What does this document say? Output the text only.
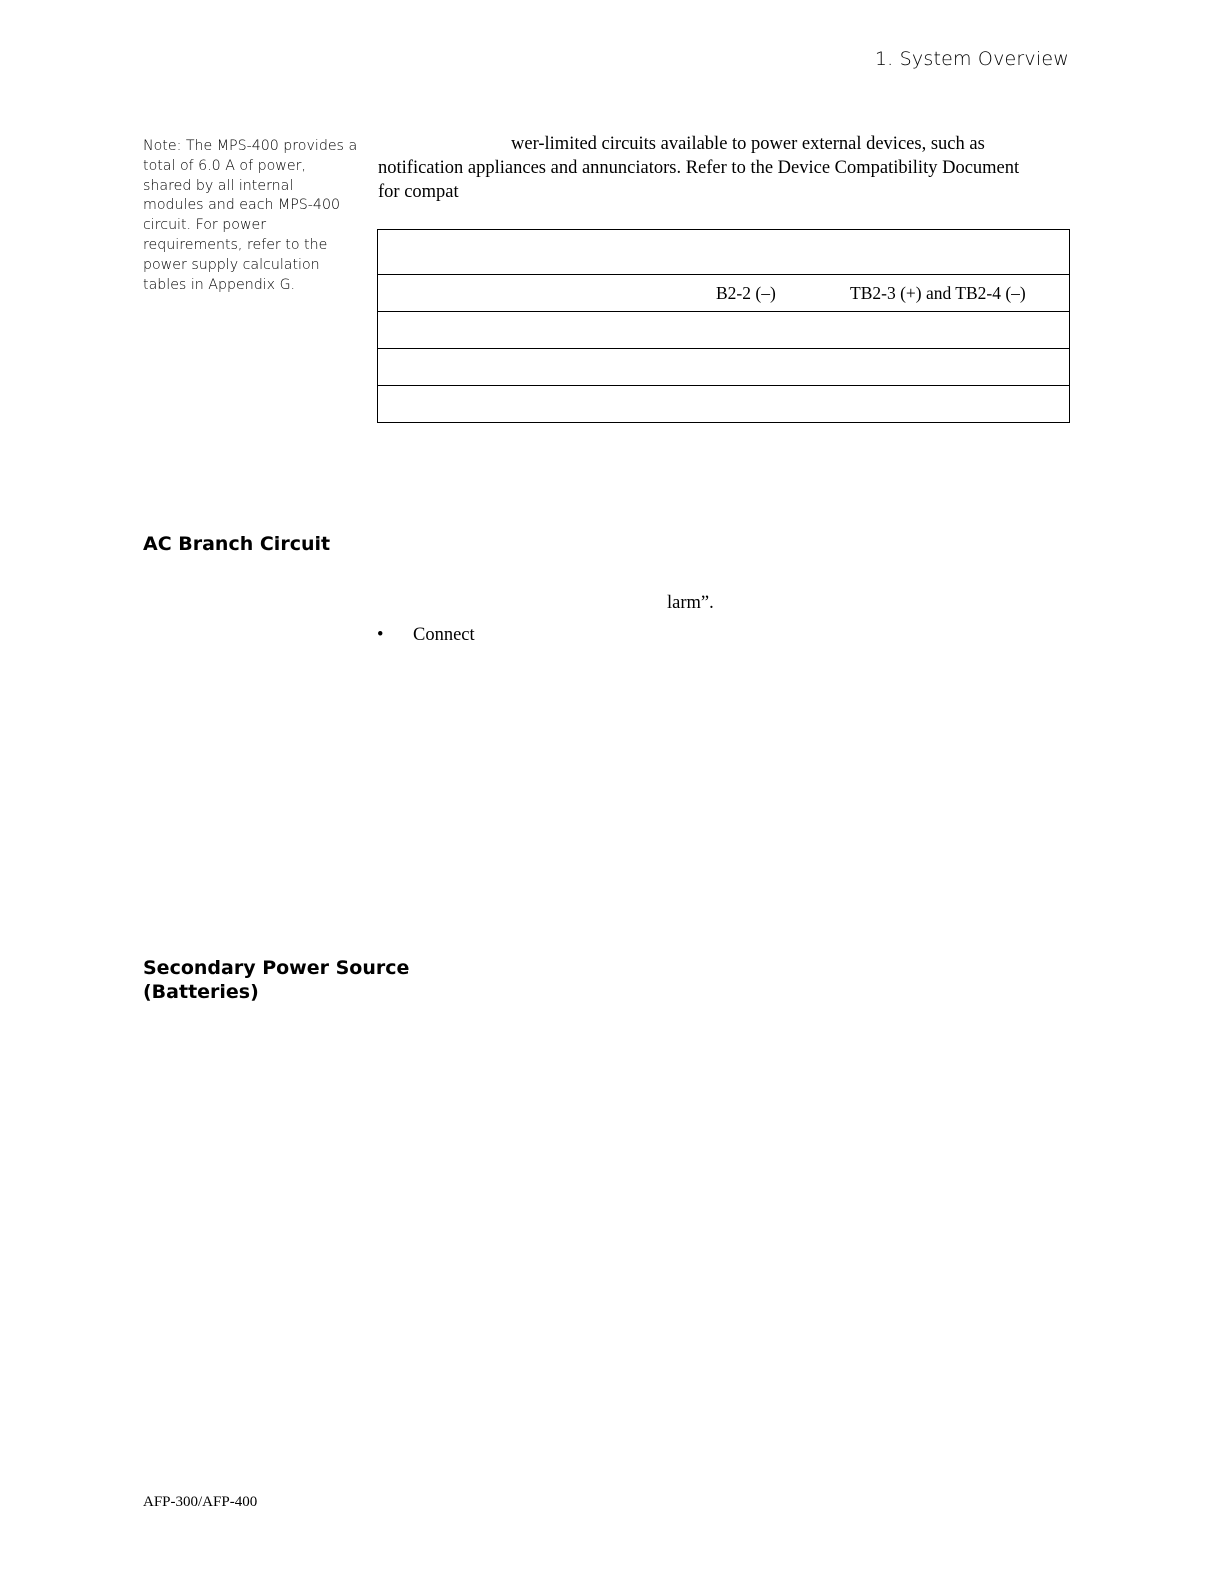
1. System Overview
Note: The MPS-400 provides a total of 6.0 A of power, shared by all internal modules and each MPS-400 circuit. For power requirements, refer to the power supply calculation tables in Appendix G.
wer-limited circuits available to power external devices, such as
notification appliances and annunciators. Refer to the Device Compatibility Document
for compat

B2-2 (–)	TB2-3 (+) and TB2-4 (–)

AC Branch Circuit
larm”.
• Connect
Secondary Power Source
(Batteries)
AFP-300/AFP-400
